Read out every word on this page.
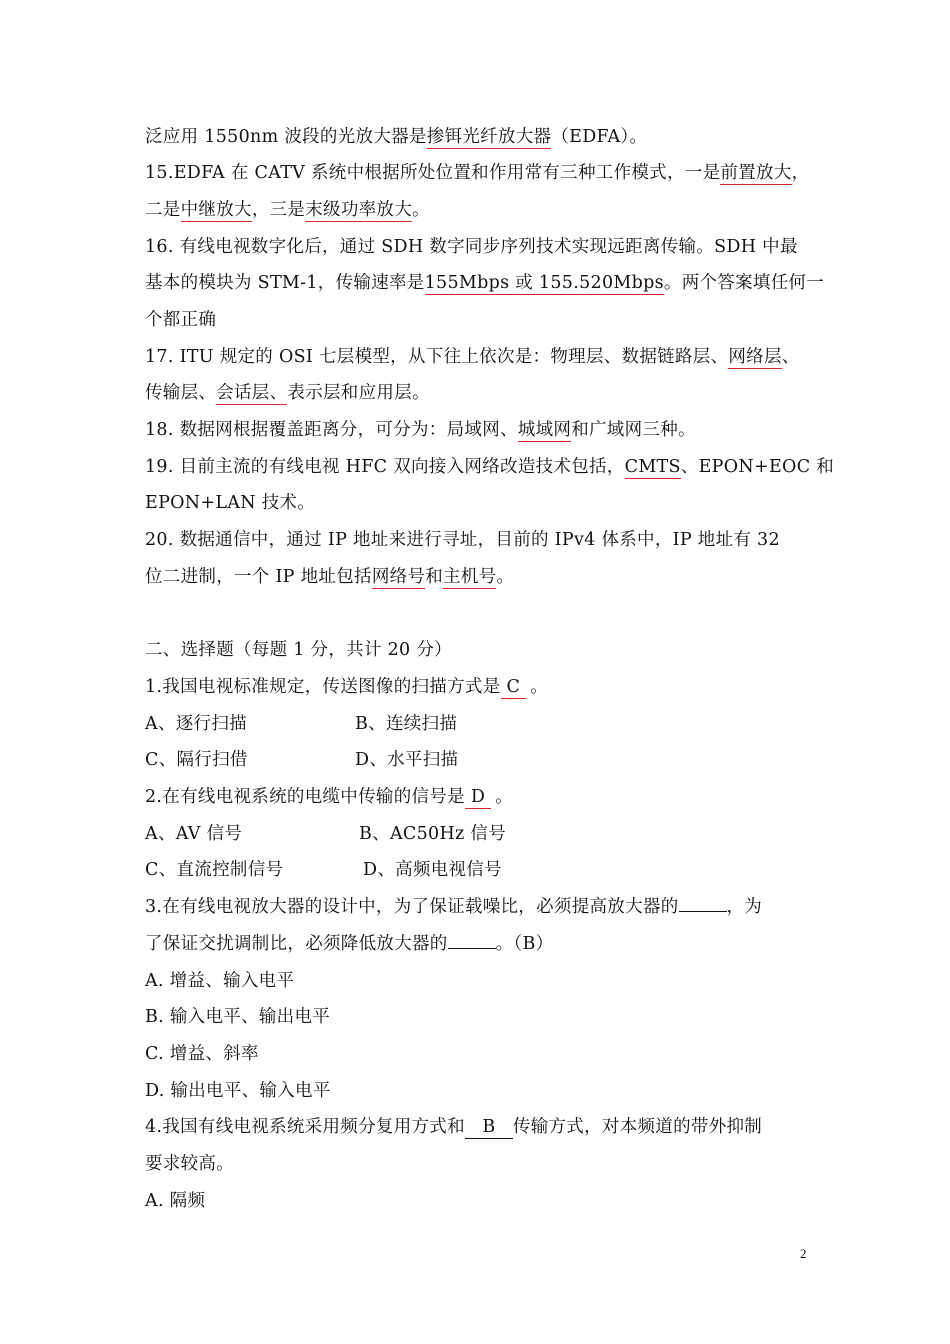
泛应用 1550nm 波段的光放大器是掺铒光纤放大器（EDFA）。
15.EDFA 在 CATV 系统中根据所处位置和作用常有三种工作模式，一是前置放大，
二是中继放大，三是末级功率放大。
16. 有线电视数字化后，通过 SDH 数字同步序列技术实现远距离传输。SDH 中最
基本的模块为 STM-1，传输速率是155Mbps 或 155.520Mbps。两个答案填任何一
个都正确
17. ITU 规定的 OSI 七层模型，从下往上依次是：物理层、数据链路层、网络层、
传输层、会话层、表示层和应用层。
18. 数据网根据覆盖距离分，可分为：局域网、城域网和广域网三种。
19. 目前主流的有线电视 HFC 双向接入网络改造技术包括，CMTS、EPON+EOC 和
EPON+LAN 技术。
20. 数据通信中，通过 IP 地址来进行寻址，目前的 IPv4 体系中，IP 地址有 32
位二进制，一个 IP 地址包括网络号和主机号。
二、选择题（每题 1 分，共计 20 分）
1.我国电视标准规定，传送图像的扫描方式是 C 。
A、逐行扫描	B、连续扫描
C、隔行扫借	D、水平扫描
2.在有线电视系统的电缆中传输的信号是 D 。
A、AV 信号	B、AC50Hz 信号
C、直流控制信号	D、高频电视信号
3.在有线电视放大器的设计中，为了保证载噪比，必须提高放大器的	，为
了保证交扰调制比，必须降低放大器的	。（B）
A. 增益、输入电平
B. 输入电平、输出电平
C. 增益、斜率
D. 输出电平、输入电平
4.我国有线电视系统采用频分复用方式和 B 传输方式，对本频道的带外抑制
要求较高。
A. 隔频
2
